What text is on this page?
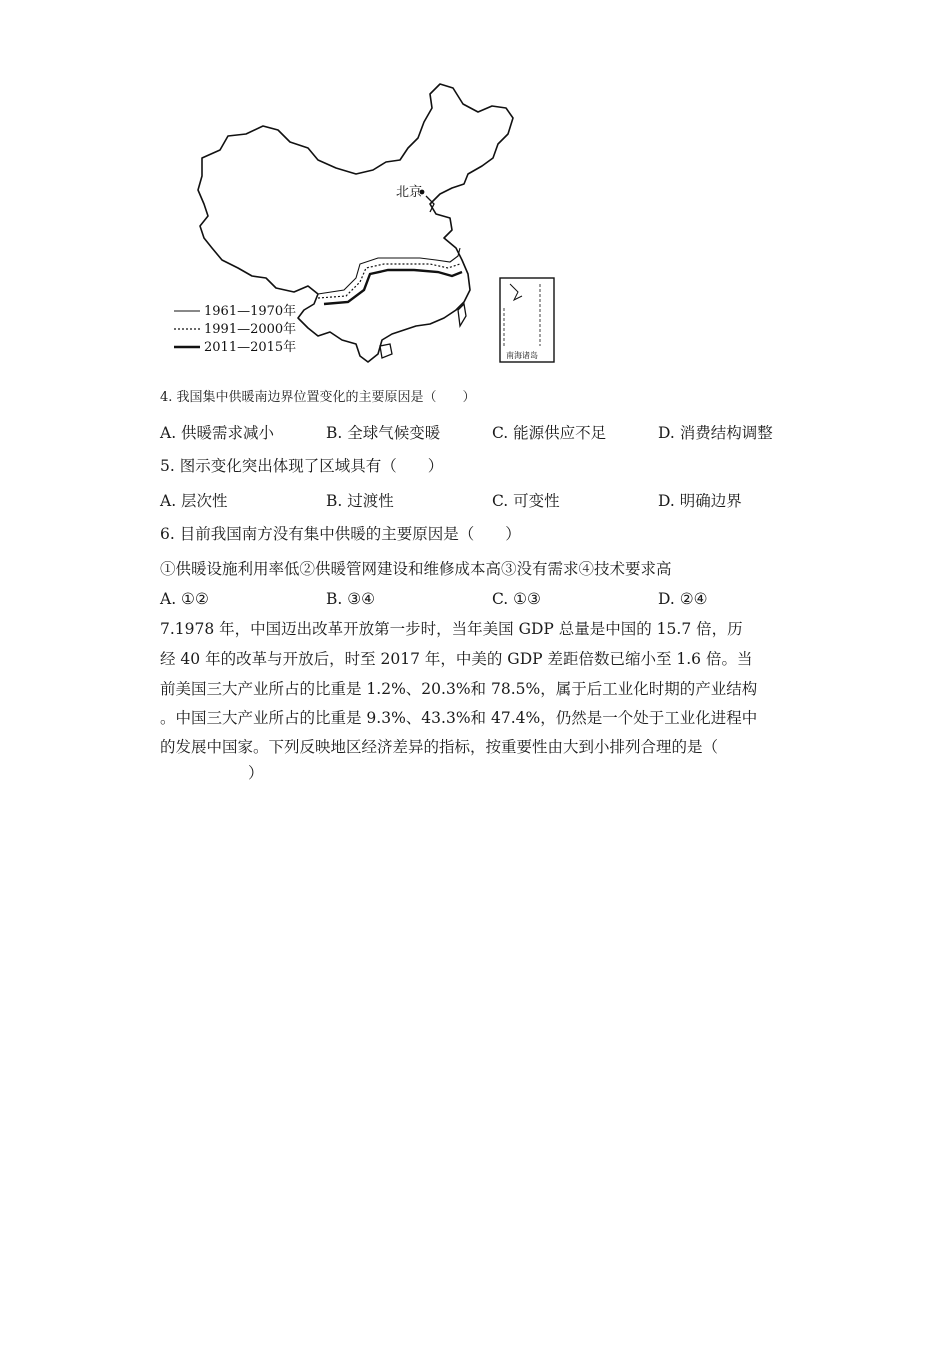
北京
1961—1970年
1991—2000年
2011—2015年
南海诸岛
4. 我国集中供暖南边界位置变化的主要原因是（　　）
A. 供暖需求减小	B. 全球气候变暖	C. 能源供应不足	D. 消费结构调整
5. 图示变化突出体现了区域具有（　　）
A. 层次性	B. 过渡性	C. 可变性	D. 明确边界
6. 目前我国南方没有集中供暖的主要原因是（　　）
①供暖设施利用率低②供暖管网建设和维修成本高③没有需求④技术要求高
A. ①②	B. ③④	C. ①③	D. ②④
7.1978 年，中国迈出改革开放第一步时，当年美国 GDP 总量是中国的 15.7 倍，历
经 40 年的改革与开放后，时至 2017 年，中美的 GDP 差距倍数已缩小至 1.6 倍。当
前美国三大产业所占的比重是 1.2%、20.3%和 78.5%，属于后工业化时期的产业结构
。中国三大产业所占的比重是 9.3%、43.3%和 47.4%，仍然是一个处于工业化进程中
的发展中国家。下列反映地区经济差异的指标，按重要性由大到小排列合理的是（
）
